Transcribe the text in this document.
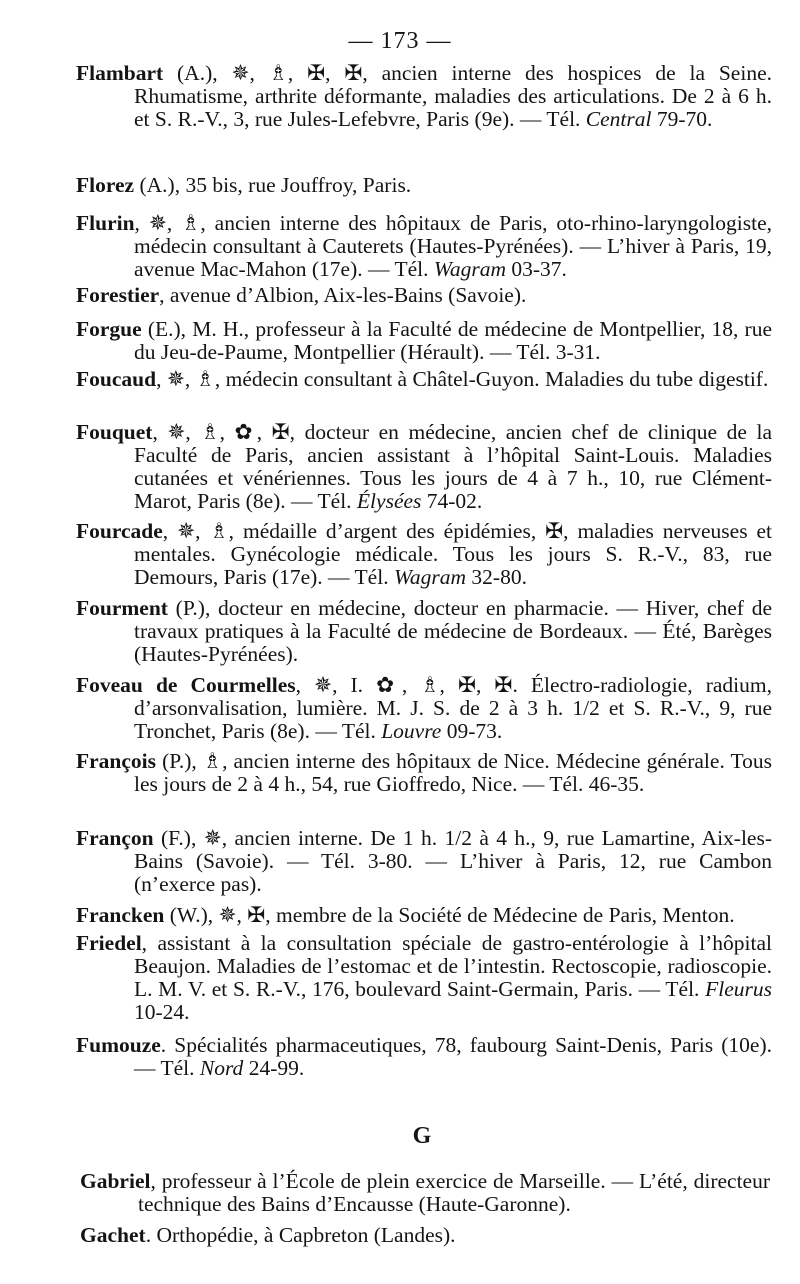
— 173 —
Flambart (A.), ✵, ♗, ✠, ✠, ancien interne des hospices de la Seine. Rhumatisme, arthrite déformante, maladies des articulations. De 2 à 6 h. et S. R.-V., 3, rue Jules-Lefebvre, Paris (9e). — Tél. Central 79-70.
Florez (A.), 35 bis, rue Jouffroy, Paris.
Flurin, ✵, ♗, ancien interne des hôpitaux de Paris, oto-rhino-laryngologiste, médecin consultant à Cauterets (Hautes-Pyrénées). — L’hiver à Paris, 19, avenue Mac-Mahon (17e). — Tél. Wagram 03-37.
Forestier, avenue d’Albion, Aix-les-Bains (Savoie).
Forgue (E.), M. H., professeur à la Faculté de médecine de Montpellier, 18, rue du Jeu-de-Paume, Montpellier (Hérault). — Tél. 3-31.
Foucaud, ✵, ♗, médecin consultant à Châtel-Guyon. Maladies du tube digestif.
Fouquet, ✵, ♗, ✿, ✠, docteur en médecine, ancien chef de clinique de la Faculté de Paris, ancien assistant à l’hôpital Saint-Louis. Maladies cutanées et vénériennes. Tous les jours de 4 à 7 h., 10, rue Clément-Marot, Paris (8e). — Tél. Élysées 74-02.
Fourcade, ✵, ♗, médaille d’argent des épidémies, ✠, maladies nerveuses et mentales. Gynécologie médicale. Tous les jours S. R.-V., 83, rue Demours, Paris (17e). — Tél. Wagram 32-80.
Fourment (P.), docteur en médecine, docteur en pharmacie. — Hiver, chef de travaux pratiques à la Faculté de médecine de Bordeaux. — Été, Barèges (Hautes-Pyrénées).
Foveau de Courmelles, ✵, I. ✿, ♗, ✠, ✠. Électro-radiologie, radium, d’arsonvalisation, lumière. M. J. S. de 2 à 3 h. 1/2 et S. R.-V., 9, rue Tronchet, Paris (8e). — Tél. Louvre 09-73.
François (P.), ♗, ancien interne des hôpitaux de Nice. Médecine générale. Tous les jours de 2 à 4 h., 54, rue Gioffredo, Nice. — Tél. 46-35.
Françon (F.), ✵, ancien interne. De 1 h. 1/2 à 4 h., 9, rue Lamartine, Aix-les-Bains (Savoie). — Tél. 3-80. — L’hiver à Paris, 12, rue Cambon (n’exerce pas).
Francken (W.), ✵, ✠, membre de la Société de Médecine de Paris, Menton.
Friedel, assistant à la consultation spéciale de gastro-entérologie à l’hôpital Beaujon. Maladies de l’estomac et de l’intestin. Rectoscopie, radioscopie. L. M. V. et S. R.-V., 176, boulevard Saint-Germain, Paris. — Tél. Fleurus 10-24.
Fumouze. Spécialités pharmaceutiques, 78, faubourg Saint-Denis, Paris (10e). — Tél. Nord 24-99.
G
Gabriel, professeur à l’École de plein exercice de Marseille. — L’été, directeur technique des Bains d’Encausse (Haute-Garonne).
Gachet. Orthopédie, à Capbreton (Landes).
